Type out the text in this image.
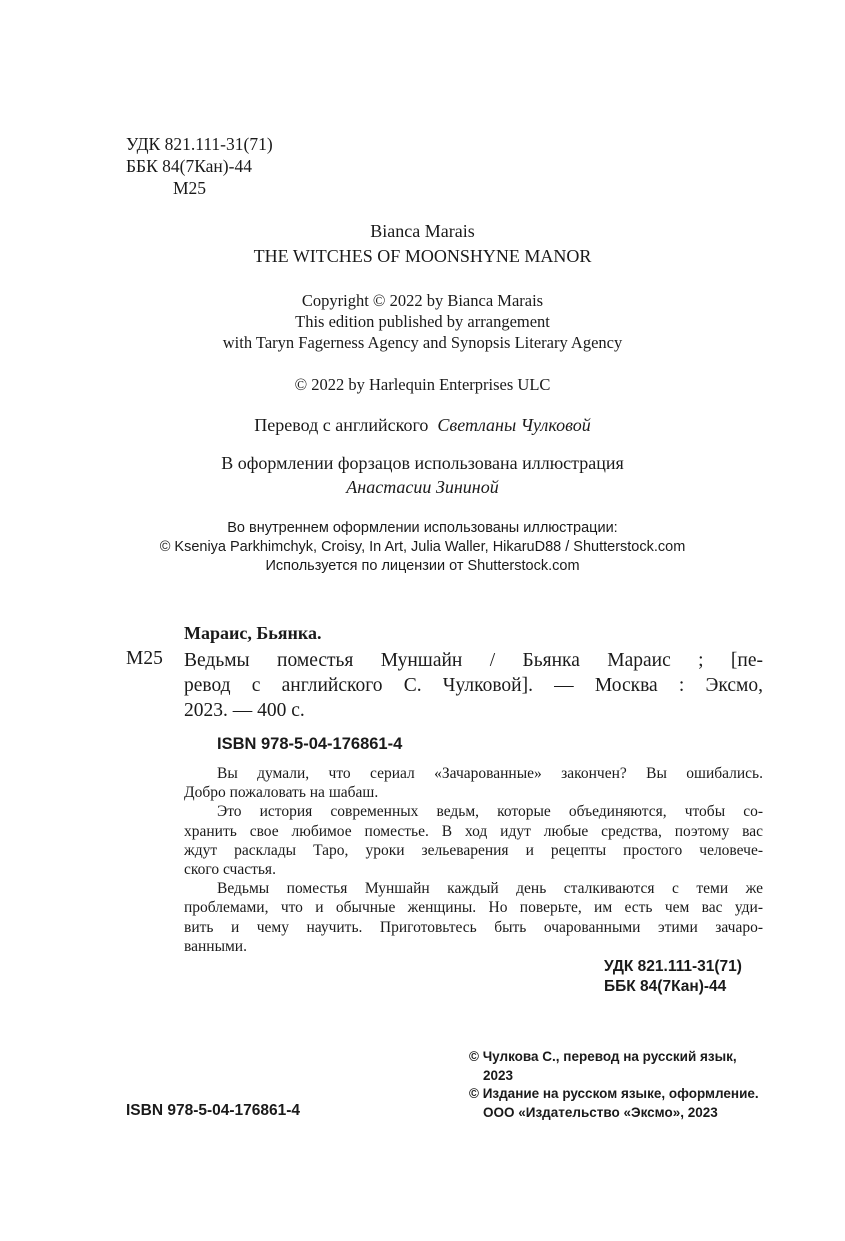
УДК 821.111-31(71)
ББК 84(7Кан)-44
М25
Bianca Marais
THE WITCHES OF MOONSHYNE MANOR
Copyright © 2022 by Bianca Marais
This edition published by arrangement
with Taryn Fagerness Agency and Synopsis Literary Agency
© 2022 by Harlequin Enterprises ULC
Перевод с английского Светланы Чулковой
В оформлении форзацов использована иллюстрация
Анастасии Зининой
Во внутреннем оформлении использованы иллюстрации:
© Kseniya Parkhimchyk, Croisy, In Art, Julia Waller, HikaruD88 / Shutterstock.com
Используется по лицензии от Shutterstock.com
Мараис, Бьянка.
М25 Ведьмы поместья Муншайн / Бьянка Мараис ; [пе-
ревод с английского С. Чулковой]. — Москва : Эксмо,
2023. — 400 с.
ISBN 978-5-04-176861-4
Вы думали, что сериал «Зачарованные» закончен? Вы ошибались.
Добро пожаловать на шабаш.
Это история современных ведьм, которые объединяются, чтобы со-
хранить свое любимое поместье. В ход идут любые средства, поэтому вас
ждут расклады Таро, уроки зельеварения и рецепты простого человече-
ского счастья.
Ведьмы поместья Муншайн каждый день сталкиваются с теми же
проблемами, что и обычные женщины. Но поверьте, им есть чем вас уди-
вить и чему научить. Приготовьтесь быть очарованными этими зачаро-
ванными.
УДК 821.111-31(71)
ББК 84(7Кан)-44
© Чулкова С., перевод на русский язык,
2023
© Издание на русском языке, оформление.
ООО «Издательство «Эксмо», 2023
ISBN 978-5-04-176861-4
